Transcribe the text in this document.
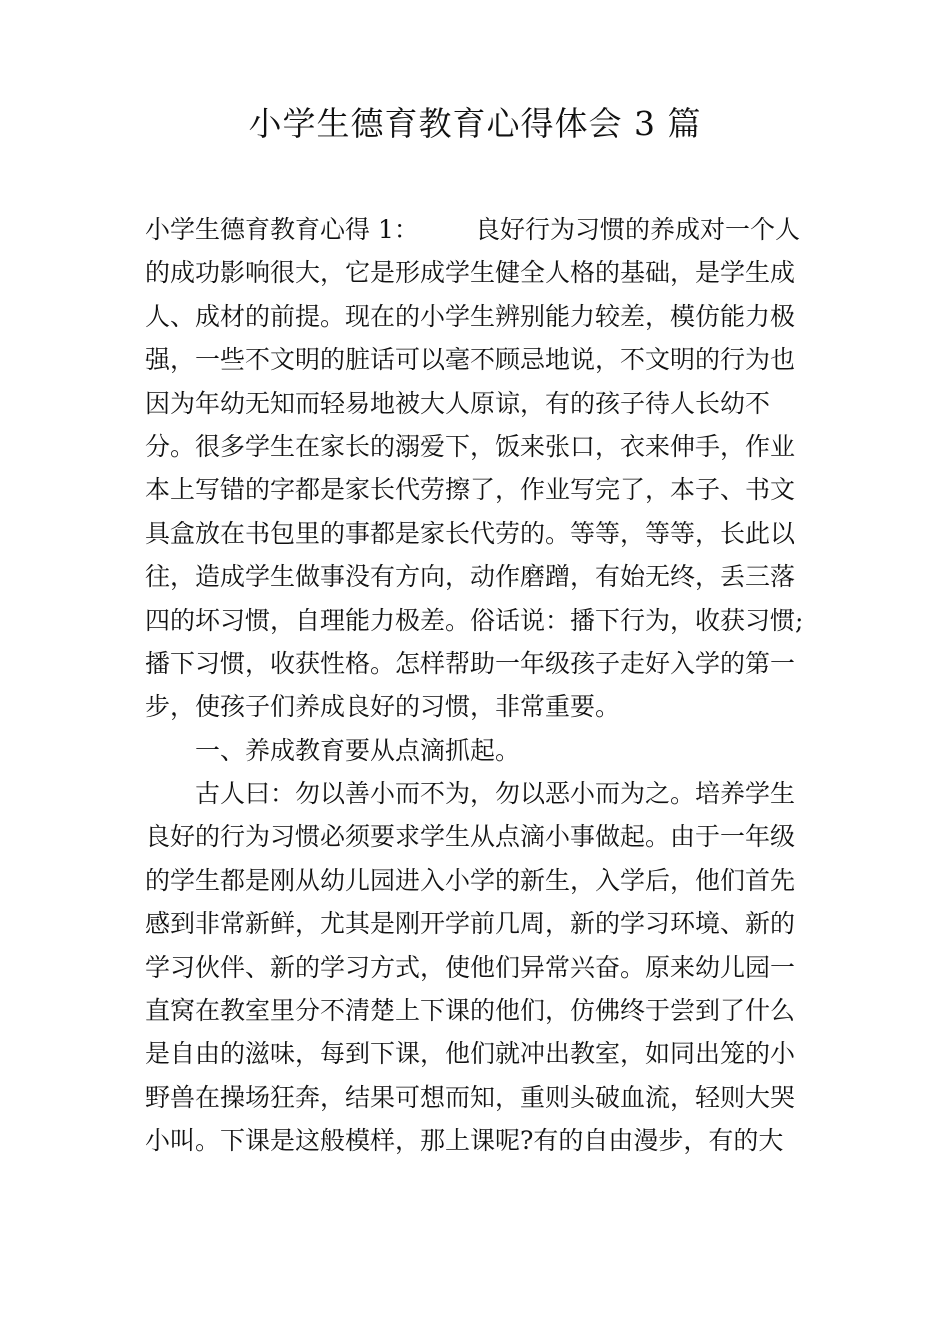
小学生德育教育心得体会 3 篇
小学生德育教育心得 1： 良好行为习惯的养成对一个人
的成功影响很大，它是形成学生健全人格的基础，是学生成
人、成材的前提。现在的小学生辨别能力较差，模仿能力极
强，一些不文明的脏话可以毫不顾忌地说，不文明的行为也
因为年幼无知而轻易地被大人原谅，有的孩子待人长幼不
分。很多学生在家长的溺爱下，饭来张口，衣来伸手，作业
本上写错的字都是家长代劳擦了，作业写完了，本子、书文
具盒放在书包里的事都是家长代劳的。等等，等等，长此以
往，造成学生做事没有方向，动作磨蹭，有始无终，丢三落
四的坏习惯，自理能力极差。俗话说：播下行为，收获习惯;
播下习惯，收获性格。怎样帮助一年级孩子走好入学的第一
步，使孩子们养成良好的习惯，非常重要。
一、养成教育要从点滴抓起。
古人曰：勿以善小而不为，勿以恶小而为之。培养学生
良好的行为习惯必须要求学生从点滴小事做起。由于一年级
的学生都是刚从幼儿园进入小学的新生，入学后，他们首先
感到非常新鲜，尤其是刚开学前几周，新的学习环境、新的
学习伙伴、新的学习方式，使他们异常兴奋。原来幼儿园一
直窝在教室里分不清楚上下课的他们，仿佛终于尝到了什么
是自由的滋味，每到下课，他们就冲出教室，如同出笼的小
野兽在操场狂奔，结果可想而知，重则头破血流，轻则大哭
小叫。下课是这般模样，那上课呢?有的自由漫步，有的大
